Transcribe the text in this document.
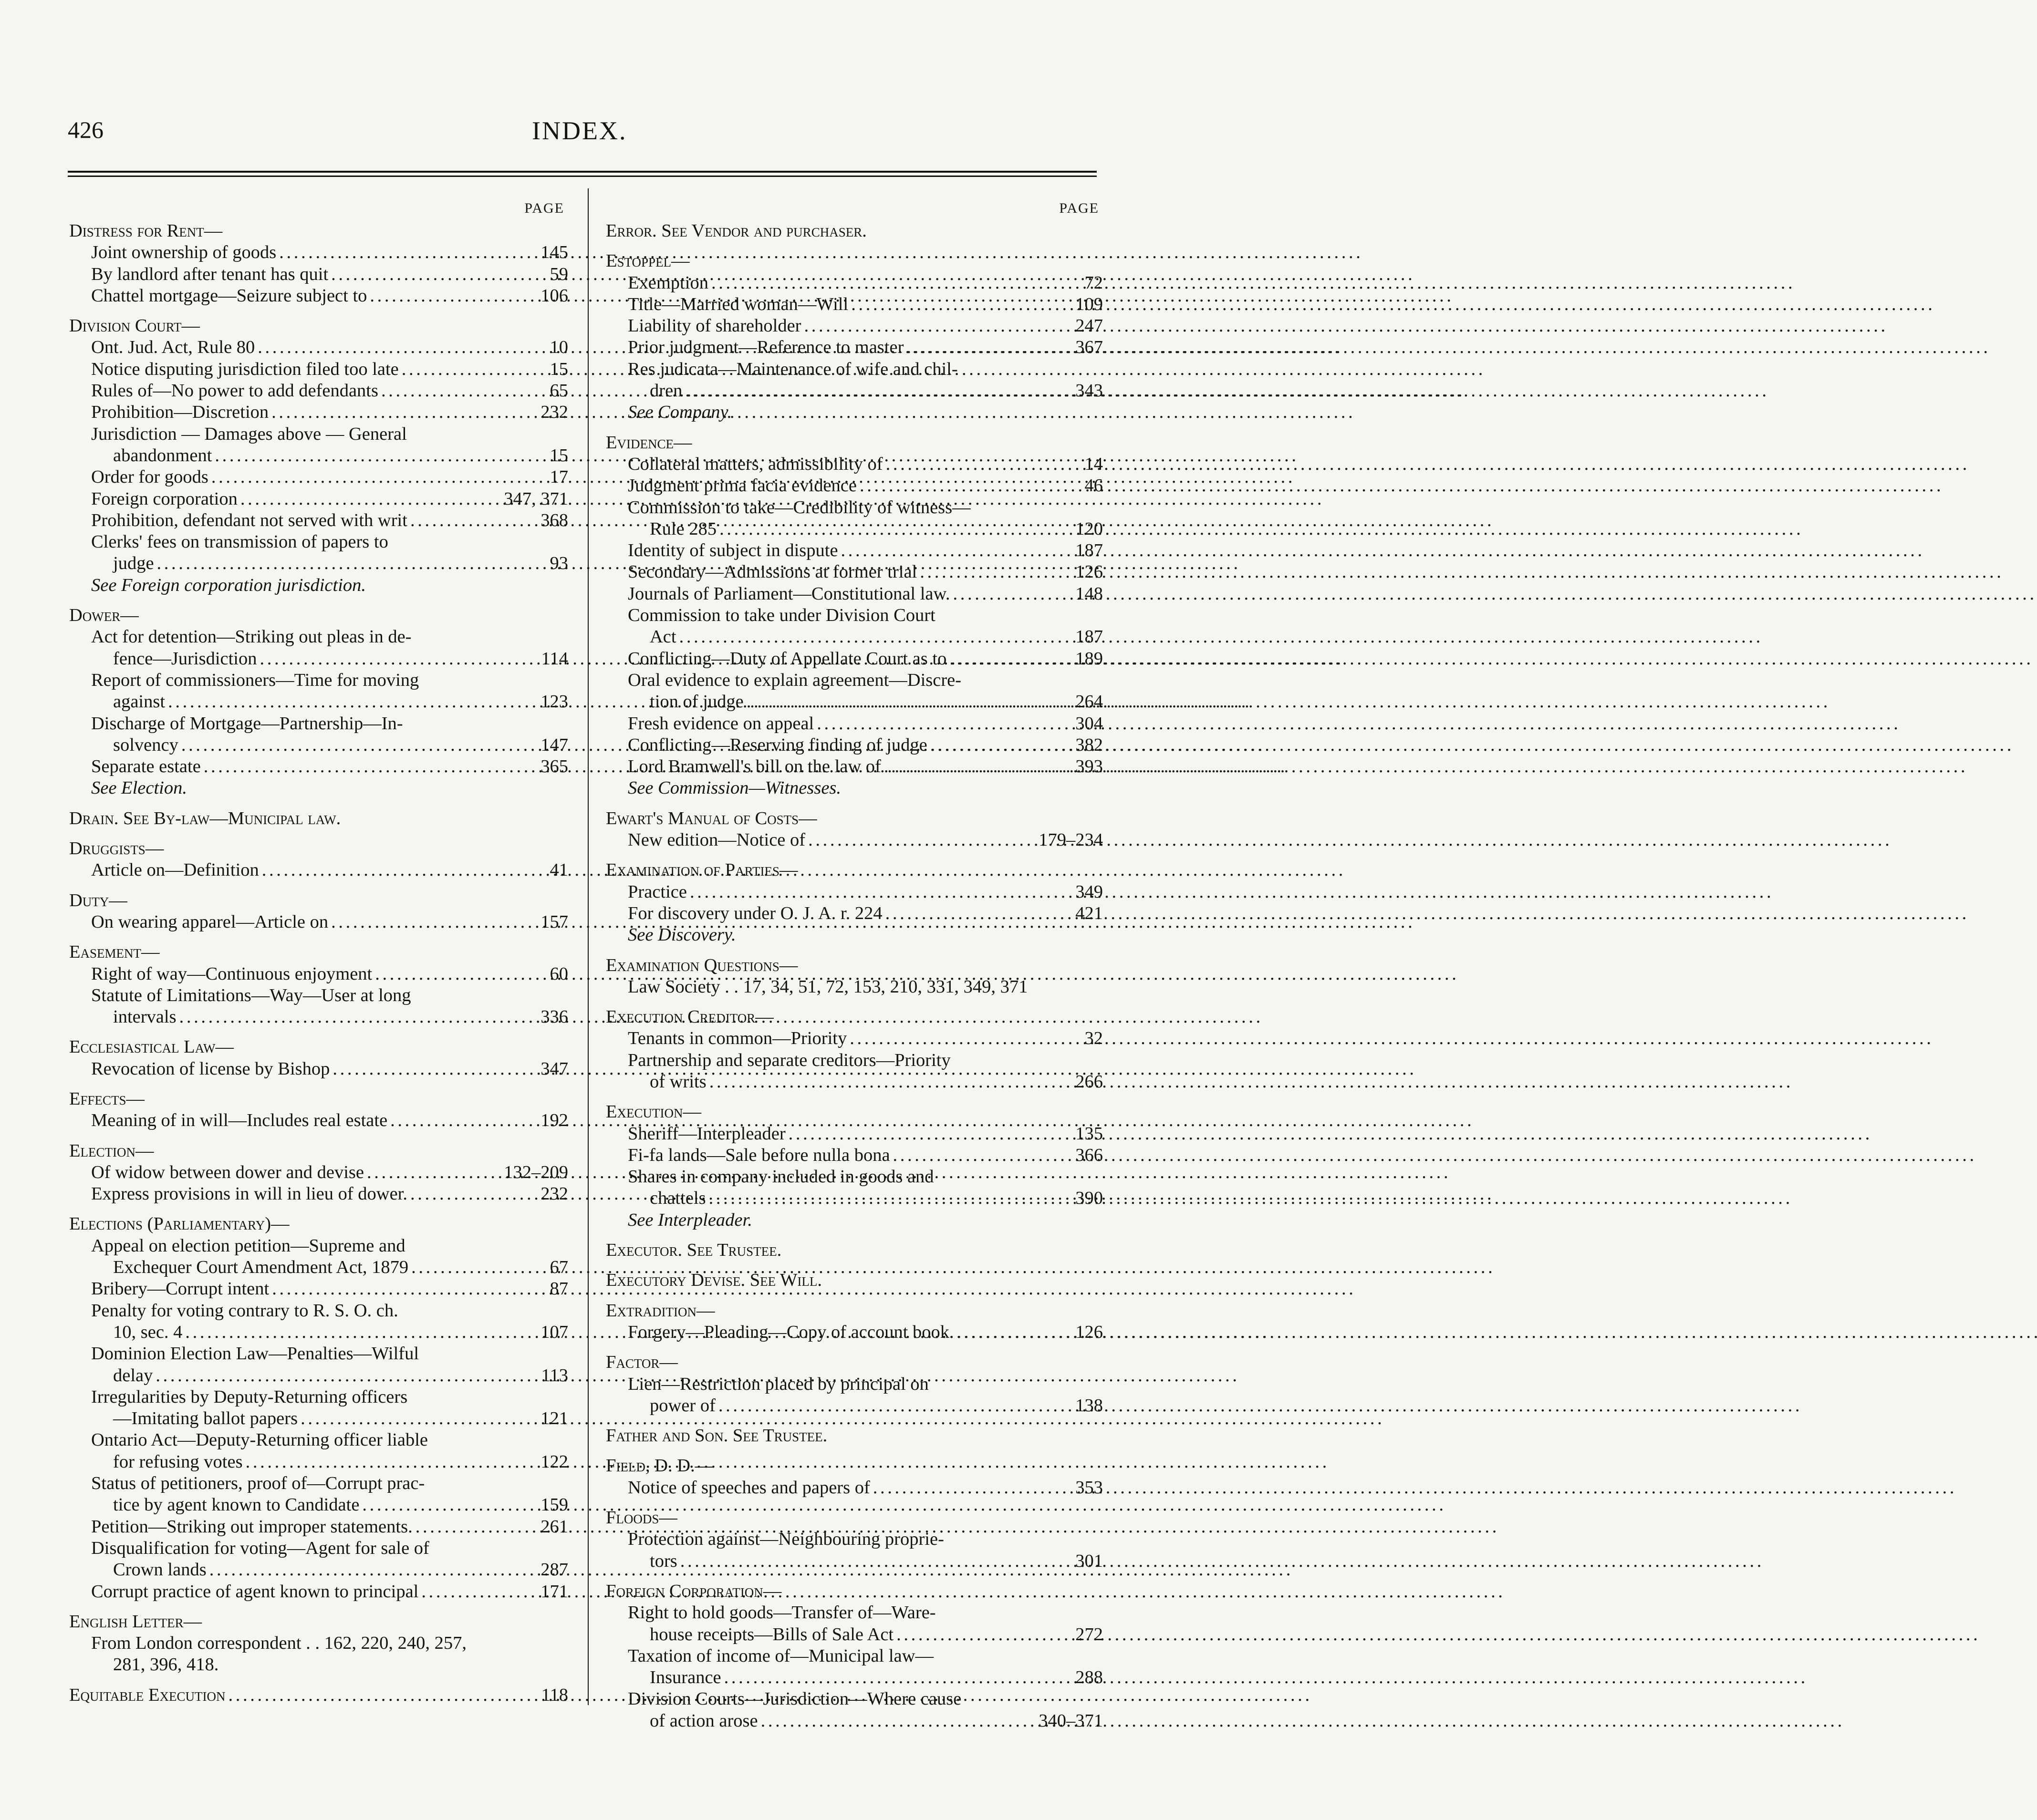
426	INDEX.
PAGE
Distress for Rent—
Joint ownership of goods . . .	145
By landlord after tenant has quit . . .	59
Chattel mortgage—Seizure subject to . . .	106
Division Court—
Ont. Jud. Act, Rule 80 . . .	10
Notice disputing jurisdiction filed too late . . .	15
Rules of—No power to add defendants . . .	65
Prohibition—Discretion . . .	232
Jurisdiction — Damages above — General
abandonment . . .	15
Order for goods . . .	17
Foreign corporation . . .	347, 371
Prohibition, defendant not served with writ . . .	368
Clerks' fees on transmission of papers to
judge . . .	93
See Foreign corporation jurisdiction.
Dower—
Act for detention—Striking out pleas in de-
fence—Jurisdiction . . .	114
Report of commissioners—Time for moving
against . . .	123
Discharge of Mortgage—Partnership—In-
solvency . . .	147
Separate estate . . .	365
See Election.
Drain. See By-law—Municipal law.
Druggists—
Article on—Definition . . .	41
Duty—
On wearing apparel—Article on . . .	157
Easement—
Right of way—Continuous enjoyment . . .	60
Statute of Limitations—Way—User at long
intervals . . .	336
Ecclesiastical Law—
Revocation of license by Bishop . . .	347
Effects—
Meaning of in will—Includes real estate . . .	192
Election—
Of widow between dower and devise . . .	132–209
Express provisions in will in lieu of dower. . . .	232
Elections (Parliamentary)—
Appeal on election petition—Supreme and
Exchequer Court Amendment Act, 1879 . . .	67
Bribery—Corrupt intent . . .	87
Penalty for voting contrary to R. S. O. ch.
10, sec. 4 . . .	107
Dominion Election Law—Penalties—Wilful
delay . . .	113
Irregularities by Deputy-Returning officers
—Imitating ballot papers . . .	121
Ontario Act—Deputy-Returning officer liable
for refusing votes . . .	122
Status of petitioners, proof of—Corrupt prac-
tice by agent known to Candidate . . .	159
Petition—Striking out improper statements. . . .	261
Disqualification for voting—Agent for sale of
Crown lands . . .	287
Corrupt practice of agent known to principal . . .	171
English Letter—
From London correspondent . . 162, 220, 240, 257,
281, 396, 418.
Equitable Execution . . .	118
PAGE
Error. See Vendor and purchaser.
Estoppel—
Exemption . . .	72
Title—Married woman—Will . . .	109
Liability of shareholder . . .	247
Prior judgment—Reference to master . . .	367
Res judicata—Maintenance of wife and chil-
dren . . .	343
See Company.
Evidence—
Collateral matters, admissibility of . . .	14
Judgment prima facia evidence . . .	46
Commission to take—Credibility of witness—
Rule 285 . . .	120
Identity of subject in dispute . . .	187
Secondary—Admissions at former trial . . .	126
Journals of Parliament—Constitutional law. . . .	148
Commission to take under Division Court
Act . . .	187
Conflicting—Duty of Appellate Court as to . . .	189
Oral evidence to explain agreement—Discre-
tion of judge . . .	264
Fresh evidence on appeal . . .	304
Conflicting—Reserving finding of judge . . .	382
Lord Bramwell's bill on the law of . . .	393
See Commission—Witnesses.
Ewart's Manual of Costs—
New edition—Notice of . . .	179–234
Examination of Parties—
Practice . . .	349
For discovery under O. J. A. r. 224 . . .	421
See Discovery.
Examination Questions—
Law Society . . 17, 34, 51, 72, 153, 210, 331, 349, 371
Execution Creditor—
Tenants in common—Priority . . .	32
Partnership and separate creditors—Priority
of writs . . .	266
Execution—
Sheriff—Interpleader . . .	135
Fi-fa lands—Sale before nulla bona . . .	366
Shares in company included in goods and
chattels . . .	390
See Interpleader.
Executor. See Trustee.
Executory Devise. See Will.
Extradition—
Forgery—Pleading—Copy of account book. . . .	126
Factor—
Lien—Restriction placed by principal on
power of . . .	138
Father and Son. See Trustee.
Field, D. D.—
Notice of speeches and papers of . . .	353
Floods—
Protection against—Neighbouring proprie-
tors . . .	301
Foreign Corporation—
Right to hold goods—Transfer of—Ware-
house receipts—Bills of Sale Act . . .	272
Taxation of income of—Municipal law—
Insurance . . .	288
Division Courts—Jurisdiction—Where cause
of action arose . . .	340–371
